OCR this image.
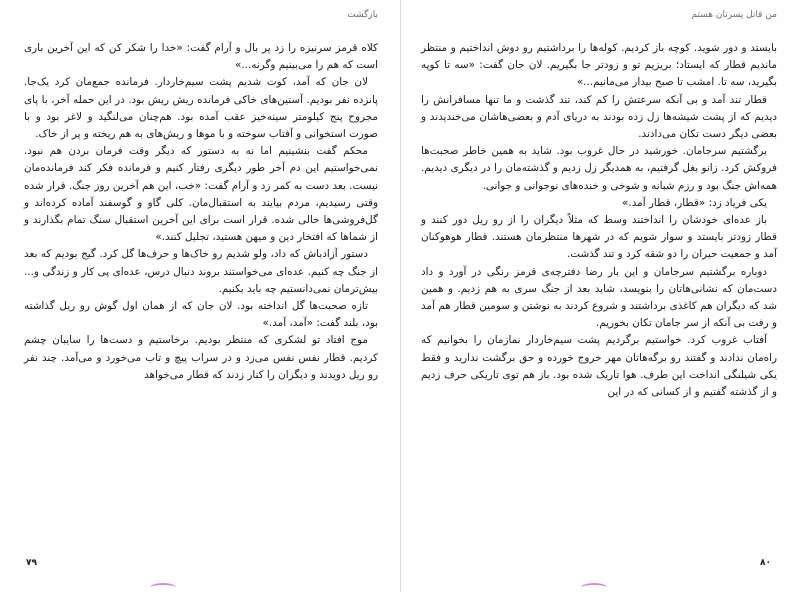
من قاتل پسرتان هستم

بایستد و دور شوید. کوچه باز کردیم. کوله‌ها را برداشتیم رو دوش انداختیم و منتظر ماندیم قطار که ایستاد؛ بریزیم تو و زودتر جا بگیریم. لان جان گفت: «سه تا کوپه بگیرید، سه تا. امشب تا صبح بیدار می‌مانیم...»

قطار تند آمد و بی آنکه سرعتش را کم کند، تند گذشت و ما تنها مسافرانش را دیدیم که از پشت شیشه‌ها زل زده بودند به دریای آدم و بعضی‌هاشان می‌خندیدند و بعضی دیگر دست تکان می‌دادند.

برگشتیم سرجامان. خورشید در حال غروب بود. شاید به همین خاطر صحبت‌ها فروکش کرد. زانو بغل گرفتیم، به همدیگر زل زدیم و گذشته‌مان را در دیگری دیدیم. همه‌اش جنگ بود و رزم شبانه و شوخی و خنده‌های نوجوانی و جوانی.

یکی فریاد زد: «قطار، قطار آمد.»

باز عده‌ای خودشان را انداختند وسط که مثلاً دیگران را از رو ریل دور کنند و قطار زودتر بایستد و سوار شویم که در شهرها منتظرمان هستند. قطار هوهوکنان آمد و جمعیت حیران را دو شقه کرد و تند گذشت.

دوباره برگشتیم سرجامان و این بار رضا دفترچه‌ی قرمز رنگی در آورد و داد دست‌مان که نشانی‌هاتان را بنویسد، شاید بعد از جنگ سری به هم زدیم. و همین شد که دیگران هم کاغذی برداشتند و شروع کردند به نوشتن و سومین قطار هم آمد و رفت بی آنکه از سر جامان تکان بخوریم.

آفتاب غروب کرد. خواستیم برگردیم پشت سیم‌خاردار نمازمان را بخوانیم که راه‌مان ندادند و گفتند رو برگه‌هاتان مهر خروج خورده و حق برگشت ندارید و فقط یکی شیلنگی انداخت این طرف. هوا تاریک شده بود. باز هم توی تاریکی حرف زدیم و از گذشته گفتیم و از کسانی که در این

۸۰
بازگشت

کلاه قرمز سرنیزه را زد پر بال و آرام گفت: «خدا را شکر کن که این آخرین باری است که هم را می‌بینیم وگرنه...»

لان جان که آمد، کوت شدیم پشت سیم‌خاردار. فرمانده جمع‌مان کرد یک‌جا. پانزده نفر بودیم. آستین‌های خاکی فرمانده ریش ریش بود. در این حمله آخر، با پای مجروح پنج کیلومتر سینه‌خیز عقب آمده بود. هم‌چنان می‌لنگید و لاغر بود و با صورت استخوانی و آفتاب سوخته و با موها و ریش‌های به هم ریخته و پر از خاک.

محکم گفت بنشینیم اما نه به دستور که دیگر وقت فرمان بردن هم نبود. نمی‌خواستیم این دم آخر طور دیگری رفتار کنیم و فرمانده فکر کند فرمانده‌مان نیست. بعد دست به کمر زد و آرام گفت: «خب، این هم آخرین روز جنگ. قرار شده وقتی رسیدیم، مردم بیایند به استقبال‌مان. کلی گاو و گوسفند آماده کرده‌اند و گل‌فروشی‌ها خالی شده. قرار است برای این آخرین استقبال سنگ تمام بگذارند و از شماها که افتخار دین و میهن هستید، تجلیل کنند.»

دستور آزادباش که داد، ولو شدیم رو خاک‌ها و حرف‌ها گل کرد. گیج بودیم که بعد از جنگ چه کنیم. عده‌ای می‌خواستند بروند دنبال درس، عده‌ای پی کار و زندگی و... بیش‌ترمان نمی‌دانستیم چه باید بکنیم.

تازه صحبت‌ها گل انداخته بود. لان جان که از همان اول گوش رو ریل گذاشته بود، بلند گفت: «آمد، آمد.»

موج افتاد تو لشکری که منتظر بودیم. برخاستیم و دست‌ها را سایبان چشم کردیم. قطار نفس نفس می‌زد و در سراب پیچ و تاب می‌خورد و می‌آمد. چند نفر رو ریل دویدند و دیگران را کنار زدند که قطار می‌خواهد

۷۹
